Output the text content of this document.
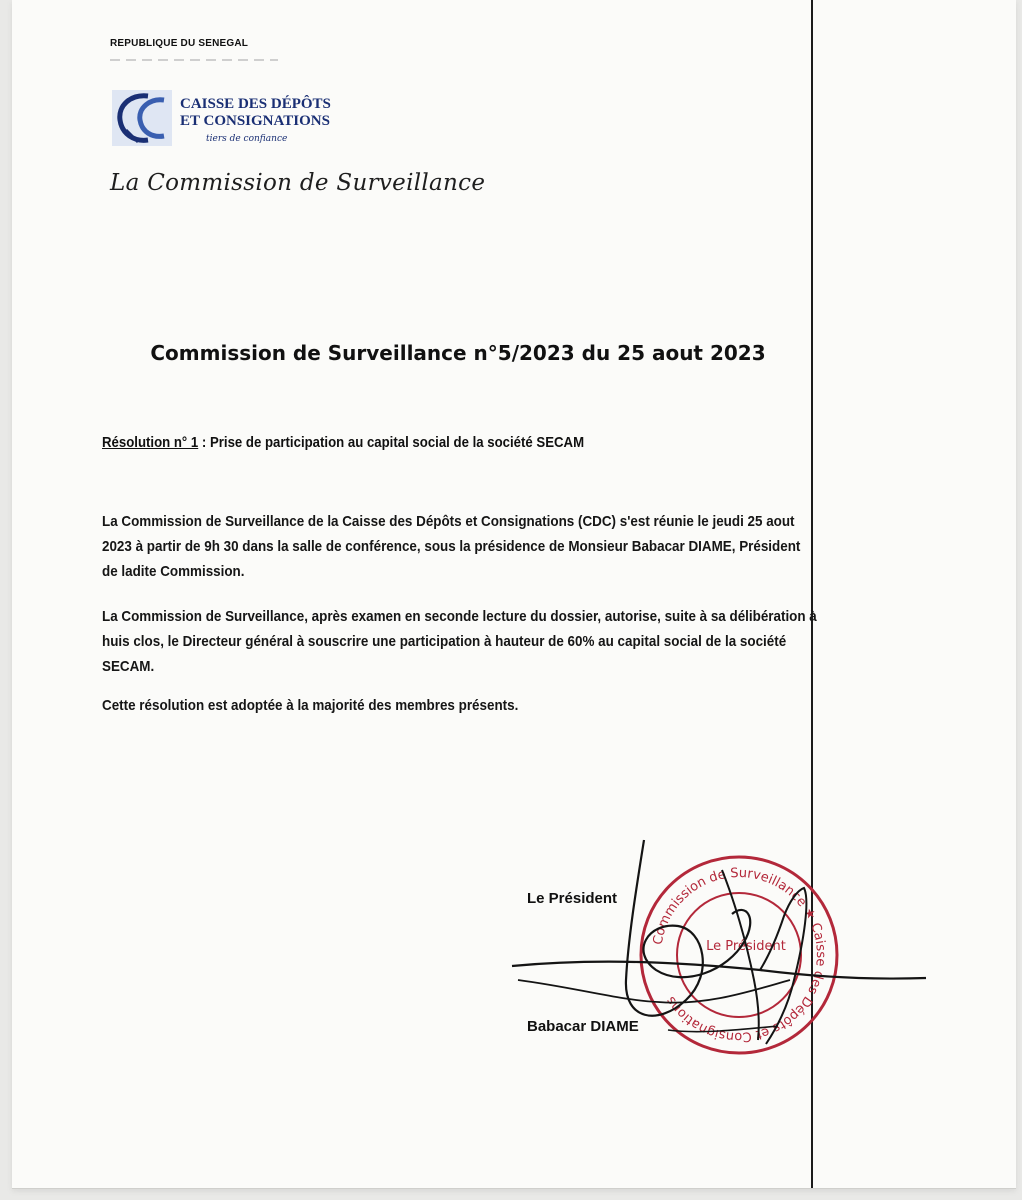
REPUBLIQUE DU SENEGAL
CAISSE DES DÉPÔTS
ET CONSIGNATIONS
tiers de confiance
La Commission de Surveillance
Commission de Surveillance n°5/2023 du 25 aout 2023
Résolution n° 1 : Prise de participation au capital social de la société SECAM

La Commission de Surveillance de la Caisse des Dépôts et Consignations (CDC) s'est réunie le jeudi 25 aout 2023 à partir de 9h 30 dans la salle de conférence, sous la présidence de Monsieur Babacar DIAME, Président de ladite Commission.

La Commission de Surveillance, après examen en seconde lecture du dossier, autorise, suite à sa délibération à huis clos, le Directeur général à souscrire une participation à hauteur de 60% au capital social de la société SECAM.

Cette résolution est adoptée à la majorité des membres présents.

Le Président
Babacar DIAME
Commission de Surveillance ★ Caisse des Dépôts et Consignations
Le Président
